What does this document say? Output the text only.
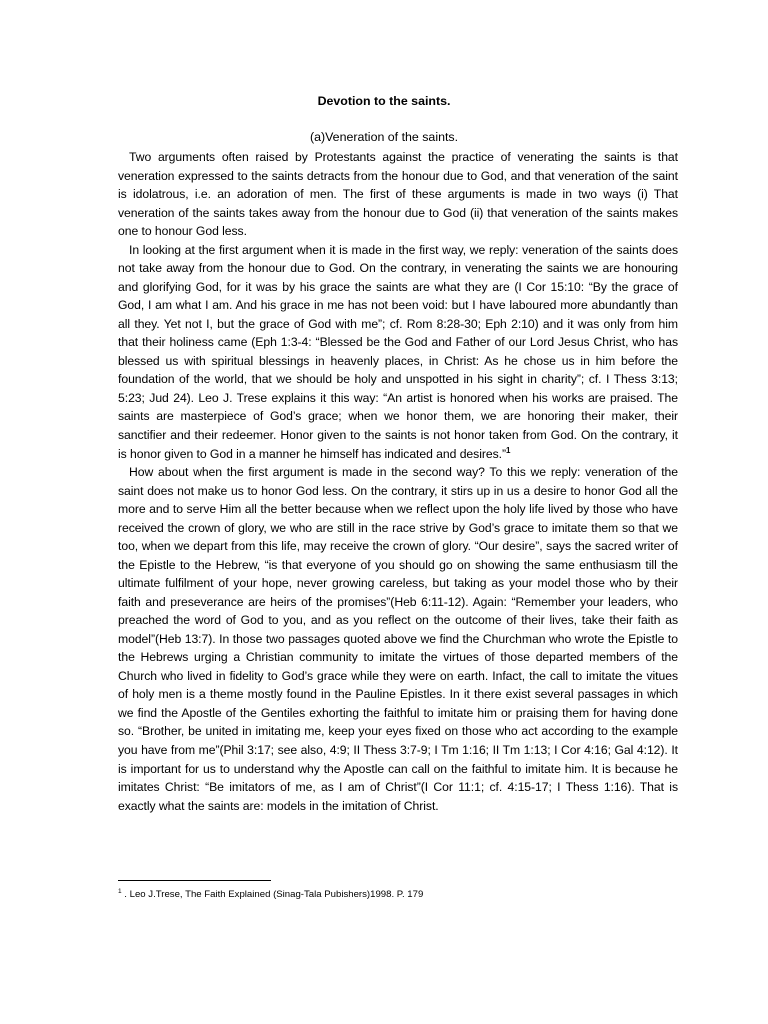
Devotion to the saints.

(a)Veneration of the saints.

Two arguments often raised by Protestants against the practice of venerating the saints is that veneration expressed to the saints detracts from the honour due to God, and that veneration of the saint is idolatrous, i.e. an adoration of men. The first of these arguments is made in two ways (i) That veneration of the saints takes away from the honour due to God (ii) that veneration of the saints makes one to honour God less.

In looking at the first argument when it is made in the first way, we reply: veneration of the saints does not take away from the honour due to God. On the contrary, in venerating the saints we are honouring and glorifying God, for it was by his grace the saints are what they are (I Cor 15:10: “By the grace of God, I am what I am. And his grace in me has not been void: but I have laboured more abundantly than all they. Yet not I, but the grace of God with me”; cf. Rom 8:28-30; Eph 2:10) and it was only from him that their holiness came (Eph 1:3-4: “Blessed be the God and Father of our Lord Jesus Christ, who has blessed us with spiritual blessings in heavenly places, in Christ: As he chose us in him before the foundation of the world, that we should be holy and unspotted in his sight in charity”; cf. I Thess 3:13; 5:23; Jud 24). Leo J. Trese explains it this way: “An artist is honored when his works are praised. The saints are masterpiece of God’s grace; when we honor them, we are honoring their maker, their sanctifier and their redeemer. Honor given to the saints is not honor taken from God. On the contrary, it is honor given to God in a manner he himself has indicated and desires.”$^1$

How about when the first argument is made in the second way? To this we reply: veneration of the saint does not make us to honor God less. On the contrary, it stirs up in us a desire to honor God all the more and to serve Him all the better because when we reflect upon the holy life lived by those who have received the crown of glory, we who are still in the race strive by God’s grace to imitate them so that we too, when we depart from this life, may receive the crown of glory. “Our desire”, says the sacred writer of the Epistle to the Hebrew, “is that everyone of you should go on showing the same enthusiasm till the ultimate fulfilment of your hope, never growing careless, but taking as your model those who by their faith and preseverance are heirs of the promises”(Heb 6:11-12). Again: “Remember your leaders, who preached the word of God to you, and as you reflect on the outcome of their lives, take their faith as model”(Heb 13:7). In those two passages quoted above we find the Churchman who wrote the Epistle to the Hebrews urging a Christian community to imitate the virtues of those departed members of the Church who lived in fidelity to God’s grace while they were on earth. Infact, the call to imitate the vitues of holy men is a theme mostly found in the Pauline Epistles. In it there exist several passages in which we find the Apostle of the Gentiles exhorting the faithful to imitate him or praising them for having done so. “Brother, be united in imitating me, keep your eyes fixed on those who act according to the example you have from me”(Phil 3:17; see also, 4:9; II Thess 3:7-9; I Tm 1:16; II Tm 1:13; I Cor 4:16; Gal 4:12). It is important for us to understand why the Apostle can call on the faithful to imitate him. It is because he imitates Christ: “Be imitators of me, as I am of Christ”(I Cor 11:1; cf. 4:15-17; I Thess 1:16). That is exactly what the saints are: models in the imitation of Christ.

$^1$ . Leo J.Trese, The Faith Explained (Sinag-Tala Pubishers)1998. P. 179
